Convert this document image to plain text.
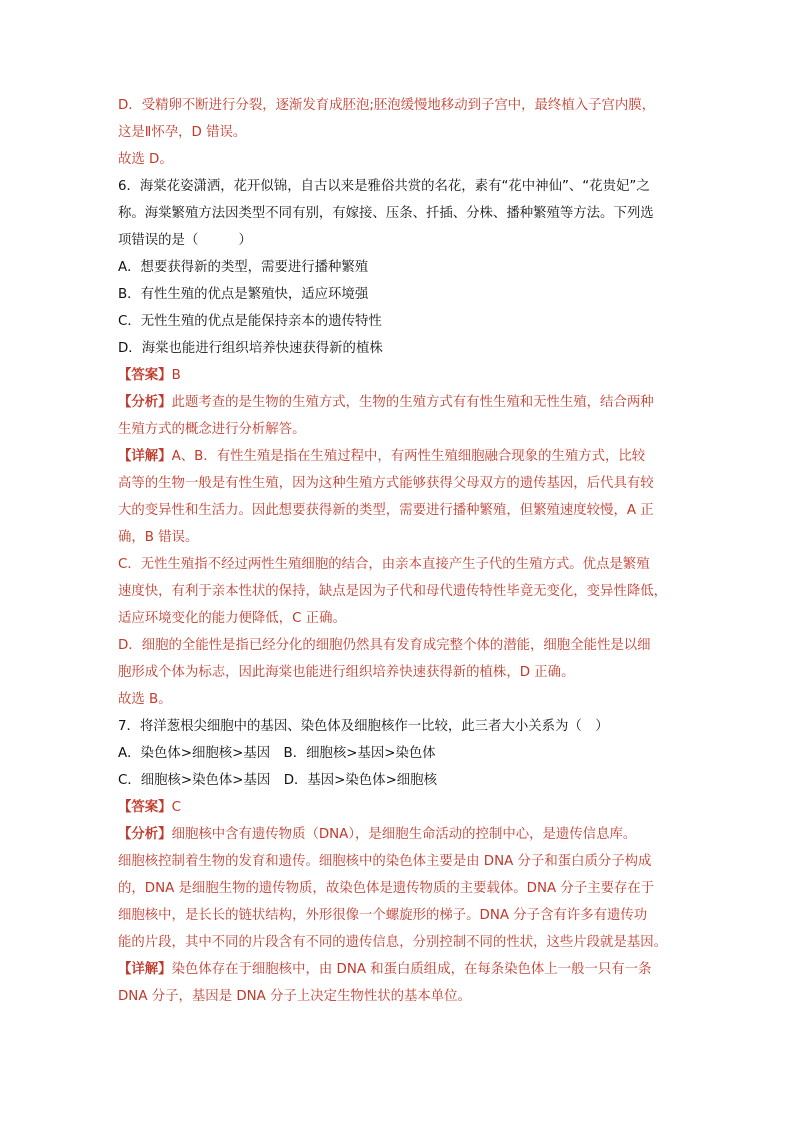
D．受精卵不断进行分裂，逐渐发育成胚泡;胚泡缓慢地移动到子宫中，最终植入子宫内膜，
这是Ⅱ怀孕，D 错误。
故选 D。
6．海棠花姿潇洒，花开似锦，自古以来是雅俗共赏的名花，素有“花中神仙”、“花贵妃”之
称。海棠繁殖方法因类型不同有别，有嫁接、压条、扦插、分株、播种繁殖等方法。下列选
项错误的是（　　　）
A．想要获得新的类型，需要进行播种繁殖
B．有性生殖的优点是繁殖快，适应环境强
C．无性生殖的优点是能保持亲本的遗传特性
D．海棠也能进行组织培养快速获得新的植株
【答案】B
【分析】此题考查的是生物的生殖方式，生物的生殖方式有有性生殖和无性生殖，结合两种
生殖方式的概念进行分析解答。
【详解】A、B．有性生殖是指在生殖过程中，有两性生殖细胞融合现象的生殖方式，比较
高等的生物一般是有性生殖，因为这种生殖方式能够获得父母双方的遗传基因，后代具有较
大的变异性和生活力。因此想要获得新的类型，需要进行播种繁殖，但繁殖速度较慢，A 正
确，B 错误。
C．无性生殖指不经过两性生殖细胞的结合，由亲本直接产生子代的生殖方式。优点是繁殖
速度快，有利于亲本性状的保持，缺点是因为子代和母代遗传特性毕竟无变化，变异性降低，
适应环境变化的能力便降低，C 正确。
D．细胞的全能性是指已经分化的细胞仍然具有发育成完整个体的潜能，细胞全能性是以细
胞形成个体为标志，因此海棠也能进行组织培养快速获得新的植株，D 正确。
故选 B。
7．将洋葱根尖细胞中的基因、染色体及细胞核作一比较，此三者大小关系为（　）
A．染色体>细胞核>基因　B．细胞核>基因>染色体
C．细胞核>染色体>基因　D．基因>染色体>细胞核
【答案】C
【分析】细胞核中含有遗传物质（DNA），是细胞生命活动的控制中心，是遗传信息库。
细胞核控制着生物的发育和遗传。细胞核中的染色体主要是由 DNA 分子和蛋白质分子构成
的，DNA 是细胞生物的遗传物质，故染色体是遗传物质的主要载体。DNA 分子主要存在于
细胞核中，是长长的链状结构，外形很像一个螺旋形的梯子。DNA 分子含有许多有遗传功
能的片段，其中不同的片段含有不同的遗传信息，分别控制不同的性状，这些片段就是基因。
【详解】染色体存在于细胞核中，由 DNA 和蛋白质组成，在每条染色体上一般一只有一条
DNA 分子，基因是 DNA 分子上决定生物性状的基本单位。
